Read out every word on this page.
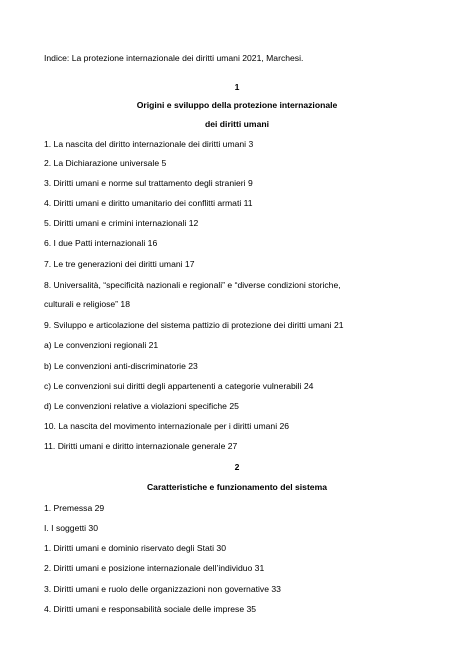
Indice: La protezione internazionale dei diritti umani 2021, Marchesi.
1
Origini e sviluppo della protezione internazionale
dei diritti umani
1. La nascita del diritto internazionale dei diritti umani 3
2. La Dichiarazione universale 5
3. Diritti umani e norme sul trattamento degli stranieri 9
4. Diritti umani e diritto umanitario dei conflitti armati 11
5. Diritti umani e crimini internazionali 12
6. I due Patti internazionali 16
7. Le tre generazioni dei diritti umani 17
8. Universalità, “specificità nazionali e regionali” e “diverse condizioni storiche,
culturali e religiose” 18
9. Sviluppo e articolazione del sistema pattizio di protezione dei diritti umani 21
a) Le convenzioni regionali 21
b) Le convenzioni anti-discriminatorie 23
c) Le convenzioni sui diritti degli appartenenti a categorie vulnerabili 24
d) Le convenzioni relative a violazioni specifiche 25
10. La nascita del movimento internazionale per i diritti umani 26
11. Diritti umani e diritto internazionale generale 27
2
Caratteristiche e funzionamento del sistema
1. Premessa 29
I. I soggetti 30
1. Diritti umani e dominio riservato degli Stati 30
2. Diritti umani e posizione internazionale dell’individuo 31
3. Diritti umani e ruolo delle organizzazioni non governative 33
4. Diritti umani e responsabilità sociale delle imprese 35
